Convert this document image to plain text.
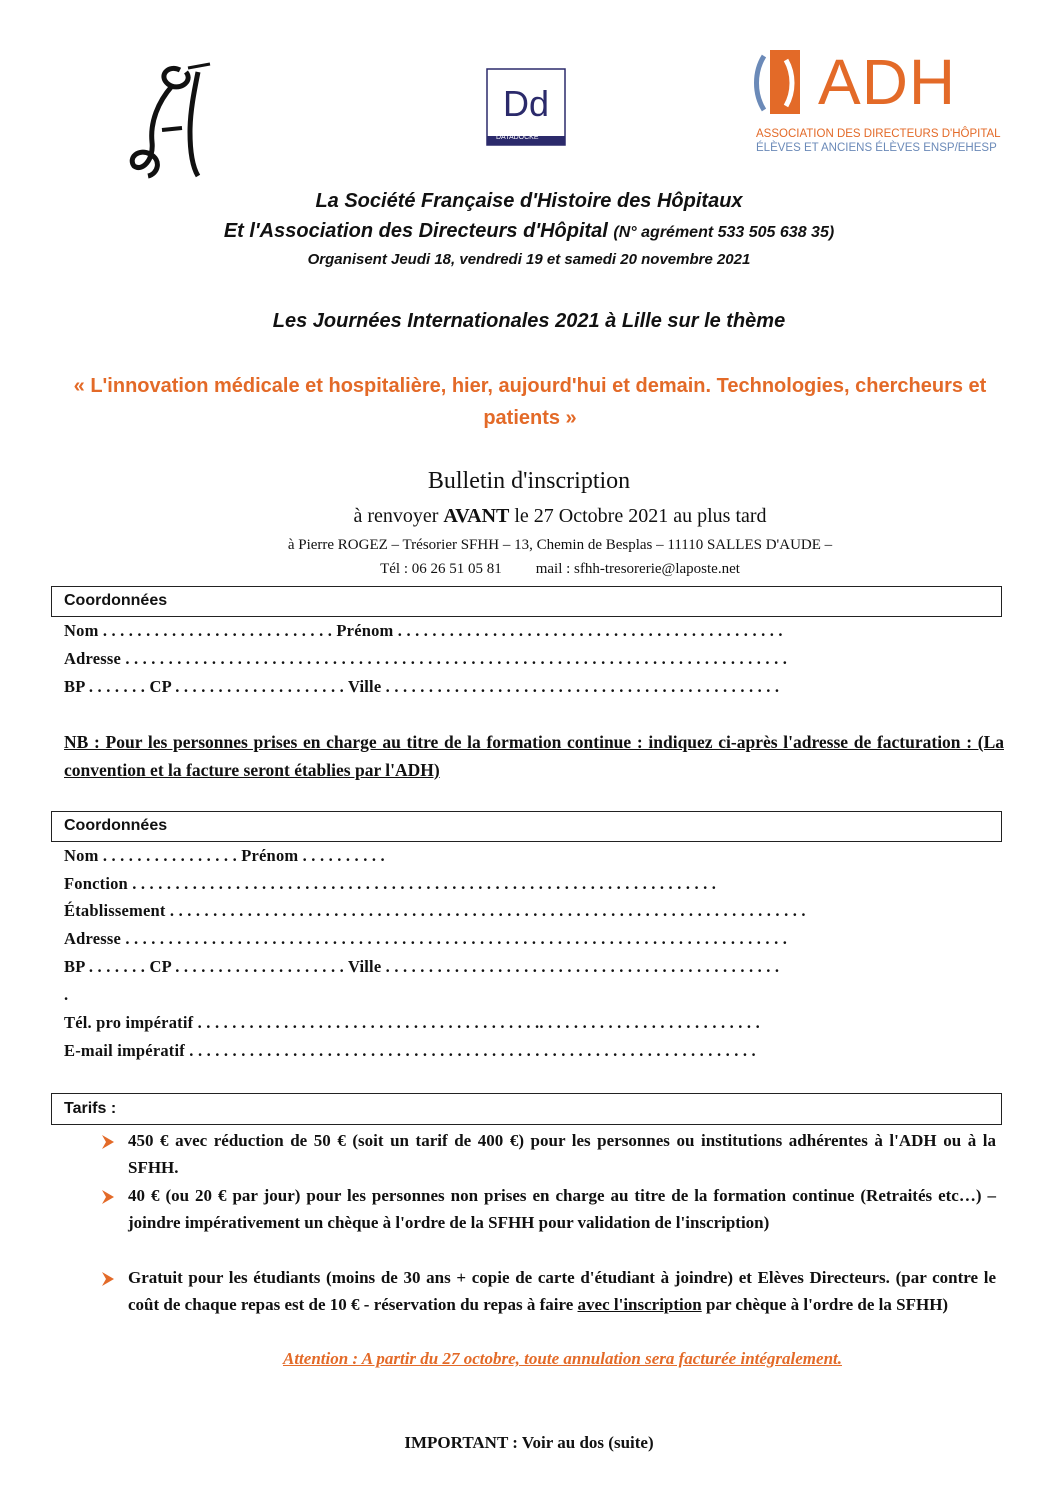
Dd
DATADOCKÉ
ADH
ASSOCIATION DES DIRECTEURS D'HÔPITAL
ÉLÈVES ET ANCIENS ÉLÈVES ENSP/EHESP
La Société Française d'Histoire des Hôpitaux
Et l'Association des Directeurs d'Hôpital (N° agrément 533 505 638 35)
Organisent Jeudi 18, vendredi 19 et samedi 20 novembre 2021
Les Journées Internationales 2021 à Lille sur le thème
« L'innovation médicale et hospitalière, hier, aujourd'hui et demain. Technologies, chercheurs et patients »
Bulletin d'inscription
à renvoyer AVANT le 27 Octobre 2021 au plus tard
à Pierre ROGEZ – Trésorier SFHH – 13, Chemin de Besplas – 11110 SALLES D'AUDE –
Tél : 06 26 51 05 81 mail : sfhh-tresorerie@laposte.net
Coordonnées
Nom . . . . . . . . . . . . . . . . . . . . . . . . . . . Prénom . . . . . . . . . . . . . . . . . . . . . . . . . . . . . . . . . . . . . . . . . . . . .
Adresse . . . . . . . . . . . . . . . . . . . . . . . . . . . . . . . . . . . . . . . . . . . . . . . . . . . . . . . . . . . . . . . . . . . . . . . . . . . . .
BP . . . . . . . CP . . . . . . . . . . . . . . . . . . . . Ville . . . . . . . . . . . . . . . . . . . . . . . . . . . . . . . . . . . . . . . . . . . . . .
NB : Pour les personnes prises en charge au titre de la formation continue : indiquez ci-après l'adresse de facturation : (La convention et la facture seront établies par l'ADH)
Coordonnées
Nom . . . . . . . . . . . . . . . . Prénom . . . . . . . . . .
Fonction . . . . . . . . . . . . . . . . . . . . . . . . . . . . . . . . . . . . . . . . . . . . . . . . . . . . . . . . . . . . . . . . . . . .
Établissement . . . . . . . . . . . . . . . . . . . . . . . . . . . . . . . . . . . . . . . . . . . . . . . . . . . . . . . . . . . . . . . . . . . . . . . . . .
Adresse . . . . . . . . . . . . . . . . . . . . . . . . . . . . . . . . . . . . . . . . . . . . . . . . . . . . . . . . . . . . . . . . . . . . . . . . . . . . .
BP . . . . . . . CP . . . . . . . . . . . . . . . . . . . . Ville . . . . . . . . . . . . . . . . . . . . . . . . . . . . . . . . . . . . . . . . . . . . . .
.
Tél. pro impératif . . . . . . . . . . . . . . . . . . . . . . . . . . . . . . . . . . . . . . . .. . . . . . . . . . . . . . . . . . . . . . . . . .
E-mail impératif . . . . . . . . . . . . . . . . . . . . . . . . . . . . . . . . . . . . . . . . . . . . . . . . . . . . . . . . . . . . . . . . . .
Tarifs :
450 € avec réduction de 50 € (soit un tarif de 400 €) pour les personnes ou institutions adhérentes à l'ADH ou à la SFHH.
40 € (ou 20 € par jour) pour les personnes non prises en charge au titre de la formation continue (Retraités etc…) – joindre impérativement un chèque à l'ordre de la SFHH pour validation de l'inscription)
Gratuit pour les étudiants (moins de 30 ans + copie de carte d'étudiant à joindre) et Elèves Directeurs. (par contre le coût de chaque repas est de 10 € - réservation du repas à faire avec l'inscription par chèque à l'ordre de la SFHH)
Attention : A partir du 27 octobre, toute annulation sera facturée intégralement.
IMPORTANT : Voir au dos (suite)
